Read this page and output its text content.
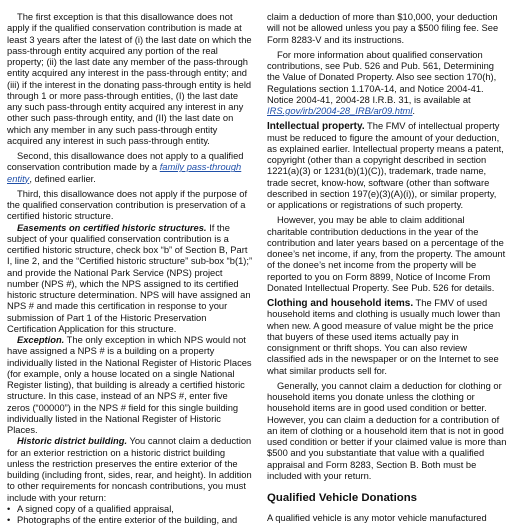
The first exception is that this disallowance does not apply if the qualified conservation contribution is made at least 3 years after the latest of (i) the last date on which the pass-through entity acquired any portion of the real property; (ii) the last date any member of the pass-through entity acquired any interest in the pass-through entity; and (iii) if the interest in the donating pass-through entity is held through 1 or more pass-through entities, (I) the last date any such pass-through entity acquired any interest in any other such pass-through entity, and (II) the last date on which any member in any such pass-through entity acquired any interest in such pass-through entity.

Second, this disallowance does not apply to a qualified conservation contribution made by a family pass-through entity, defined earlier.

Third, this disallowance does not apply if the purpose of the qualified conservation contribution is preservation of a certified historic structure.

Easements on certified historic structures. If the subject of your qualified conservation contribution is a certified historic structure, check box “b” of Section B, Part I, line 2, and the “Certified historic structure” sub-box “b(1);” and provide the National Park Service (NPS) project number (NPS #), which the NPS assigned to its certified historic structure determination. NPS will have assigned an NPS # and made this certification in response to your submission of Part 1 of the Historic Preservation Certification Application for this structure.

Exception. The only exception in which NPS would not have assigned a NPS # is a building on a property individually listed in the National Register of Historic Places (for example, only a house located on a single National Register listing), that building is already a certified historic structure. In this case, instead of an NPS #, enter five zeros (“00000”) in the NPS # field for this single building individually listed in the National Register of Historic Places.

Historic district building. You cannot claim a deduction for an exterior restriction on a historic district building unless the restriction preserves the entire exterior of the building (including front, sides, rear, and height). In addition to other requirements for noncash contributions, you must include with your return:

• A signed copy of a qualified appraisal,
• Photographs of the entire exterior of the building, and

claim a deduction of more than $10,000, your deduction will not be allowed unless you pay a $500 filing fee. See Form 8283-V and its instructions.

For more information about qualified conservation contributions, see Pub. 526 and Pub. 561, Determining the Value of Donated Property. Also see section 170(h), Regulations section 1.170A-14, and Notice 2004-41. Notice 2004-41, 2004-28 I.R.B. 31, is available at IRS.gov/irb/2004-28_IRB/ar09.html.

Intellectual property. The FMV of intellectual property must be reduced to figure the amount of your deduction, as explained earlier. Intellectual property means a patent, copyright (other than a copyright described in section 1221(a)(3) or 1231(b)(1)(C)), trademark, trade name, trade secret, know-how, software (other than software described in section 197(e)(3)(A)(i)), or similar property, or applications or registrations of such property.

However, you may be able to claim additional charitable contribution deductions in the year of the contribution and later years based on a percentage of the donee’s net income, if any, from the property. The amount of the donee’s net income from the property will be reported to you on Form 8899, Notice of Income From Donated Intellectual Property. See Pub. 526 for details.

Clothing and household items. The FMV of used household items and clothing is usually much lower than when new. A good measure of value might be the price that buyers of these used items actually pay in consignment or thrift shops. You can also review classified ads in the newspaper or on the Internet to see what similar products sell for.

Generally, you cannot claim a deduction for clothing or household items you donate unless the clothing or household items are in good used condition or better. However, you can claim a deduction for a contribution of an item of clothing or a household item that is not in good used condition or better if your claimed value is more than $500 and you substantiate that value with a qualified appraisal and Form 8283, Section B. Both must be included with your return.

Qualified Vehicle Donations

A qualified vehicle is any motor vehicle manufactured
